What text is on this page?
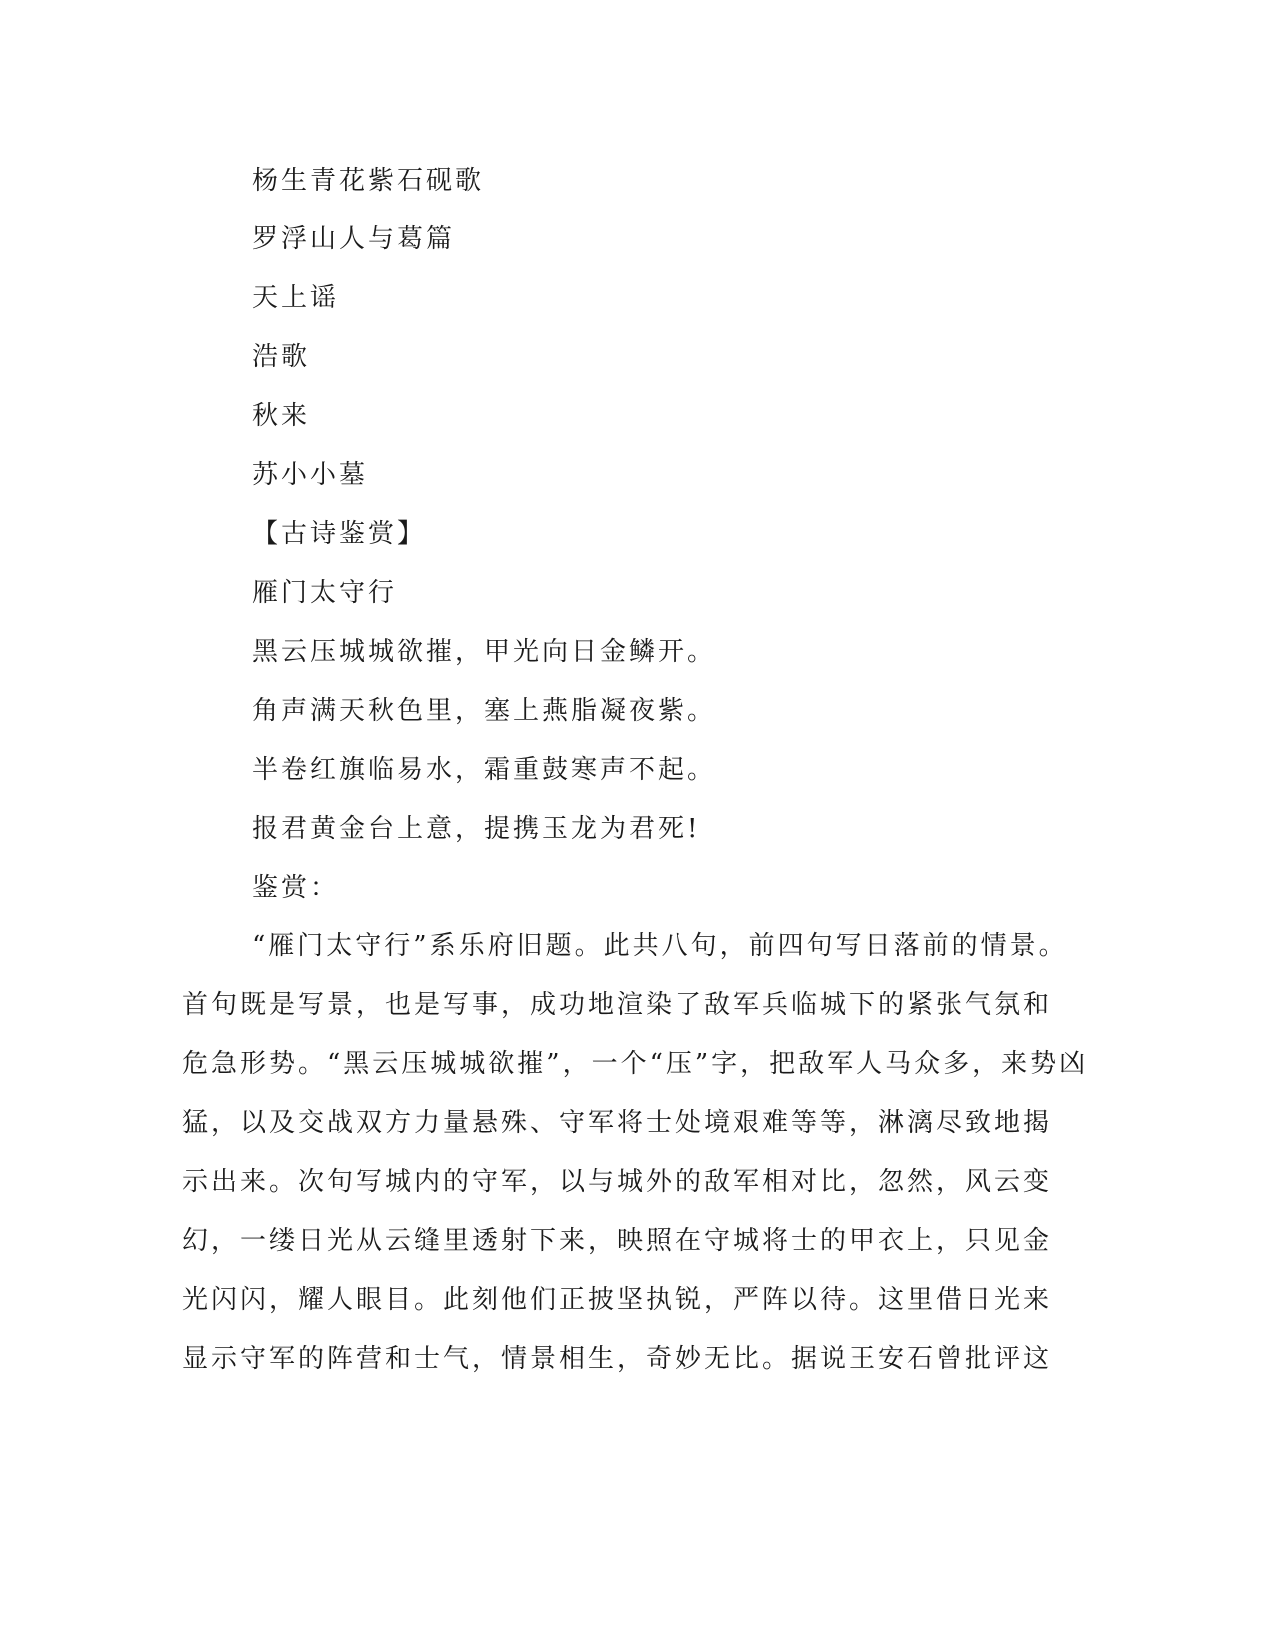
杨生青花紫石砚歌
罗浮山人与葛篇
天上谣
浩歌
秋来
苏小小墓
【古诗鉴赏】
雁门太守行
黑云压城城欲摧，甲光向日金鳞开。
角声满天秋色里，塞上燕脂凝夜紫。
半卷红旗临易水，霜重鼓寒声不起。
报君黄金台上意，提携玉龙为君死!
鉴赏：
“雁门太守行”系乐府旧题。此共八句，前四句写日落前的情景。
首句既是写景，也是写事，成功地渲染了敌军兵临城下的紧张气氛和
危急形势。“黑云压城城欲摧”，一个“压”字，把敌军人马众多，来势凶
猛，以及交战双方力量悬殊、守军将士处境艰难等等，淋漓尽致地揭
示出来。次句写城内的守军，以与城外的敌军相对比，忽然，风云变
幻，一缕日光从云缝里透射下来，映照在守城将士的甲衣上，只见金
光闪闪，耀人眼目。此刻他们正披坚执锐，严阵以待。这里借日光来
显示守军的阵营和士气，情景相生，奇妙无比。据说王安石曾批评这
